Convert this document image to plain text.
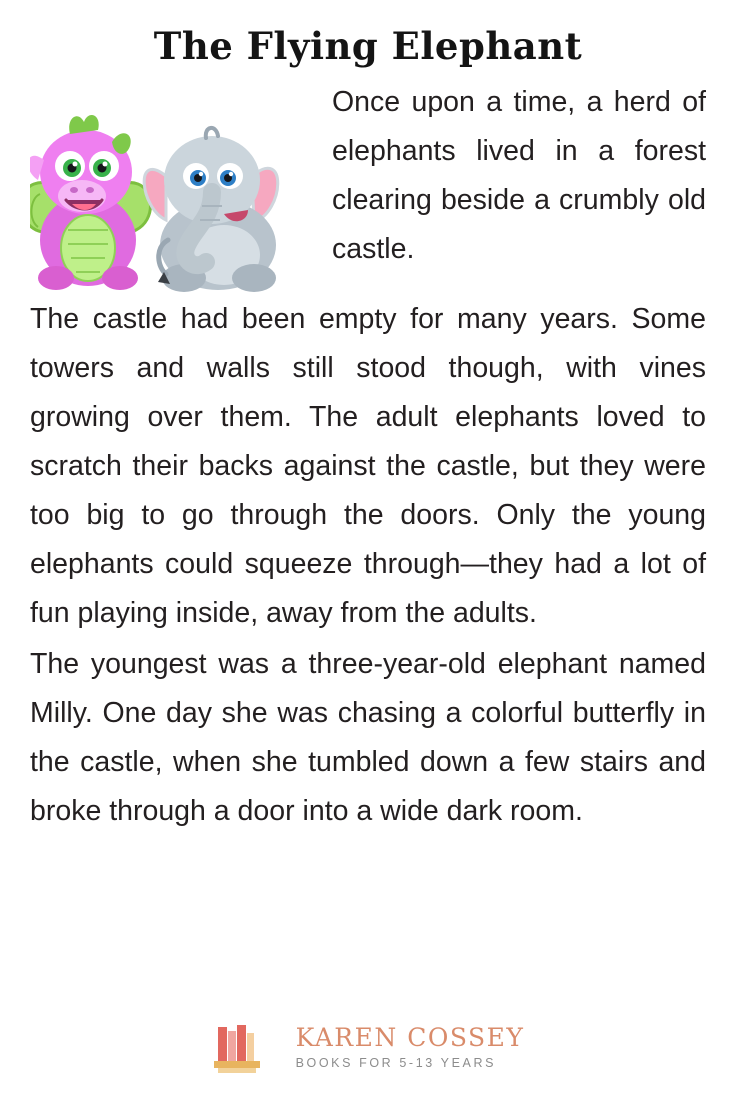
The Flying Elephant

Once upon a time, a herd of elephants lived in a forest clearing beside a crumbly old castle.

The castle had been empty for many years. Some towers and walls still stood though, with vines growing over them. The adult elephants loved to scratch their backs against the castle, but they were too big to go through the doors. Only the young elephants could squeeze through—they had a lot of fun playing inside, away from the adults.

The youngest was a three-year-old elephant named Milly. One day she was chasing a colorful butterfly in the castle, when she tumbled down a few stairs and broke through a door into a wide dark room.

KAREN COSSEY
BOOKS FOR 5-13 YEARS
